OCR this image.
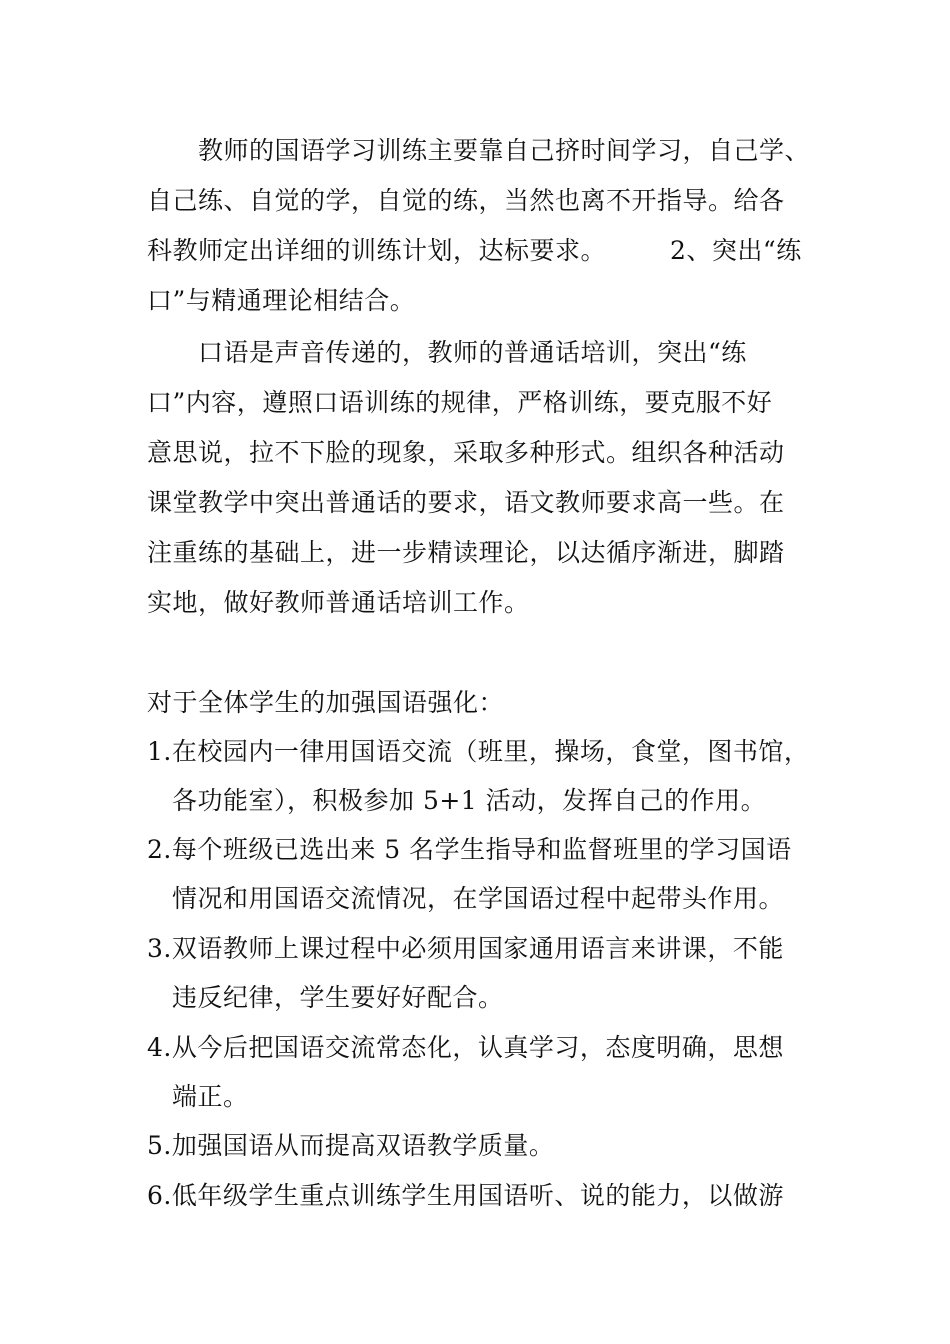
　　教师的国语学习训练主要靠自己挤时间学习，自己学、
自己练、自觉的学，自觉的练，当然也离不开指导。给各
科教师定出详细的训练计划，达标要求。　　　2、突出“练
口”与精通理论相结合。
　　口语是声音传递的，教师的普通话培训，突出“练
口”内容，遵照口语训练的规律，严格训练，要克服不好
意思说，拉不下脸的现象，采取多种形式。组织各种活动
课堂教学中突出普通话的要求，语文教师要求高一些。在
注重练的基础上，进一步精读理论，以达循序渐进，脚踏
实地，做好教师普通话培训工作。
对于全体学生的加强国语强化：
1.在校园内一律用国语交流（班里，操场，食堂，图书馆，
各功能室），积极参加 5+1 活动，发挥自己的作用。
2.每个班级已选出来 5 名学生指导和监督班里的学习国语
情况和用国语交流情况，在学国语过程中起带头作用。
3.双语教师上课过程中必须用国家通用语言来讲课，不能
违反纪律，学生要好好配合。
4.从今后把国语交流常态化，认真学习，态度明确，思想
端正。
5.加强国语从而提高双语教学质量。
6.低年级学生重点训练学生用国语听、说的能力，以做游
